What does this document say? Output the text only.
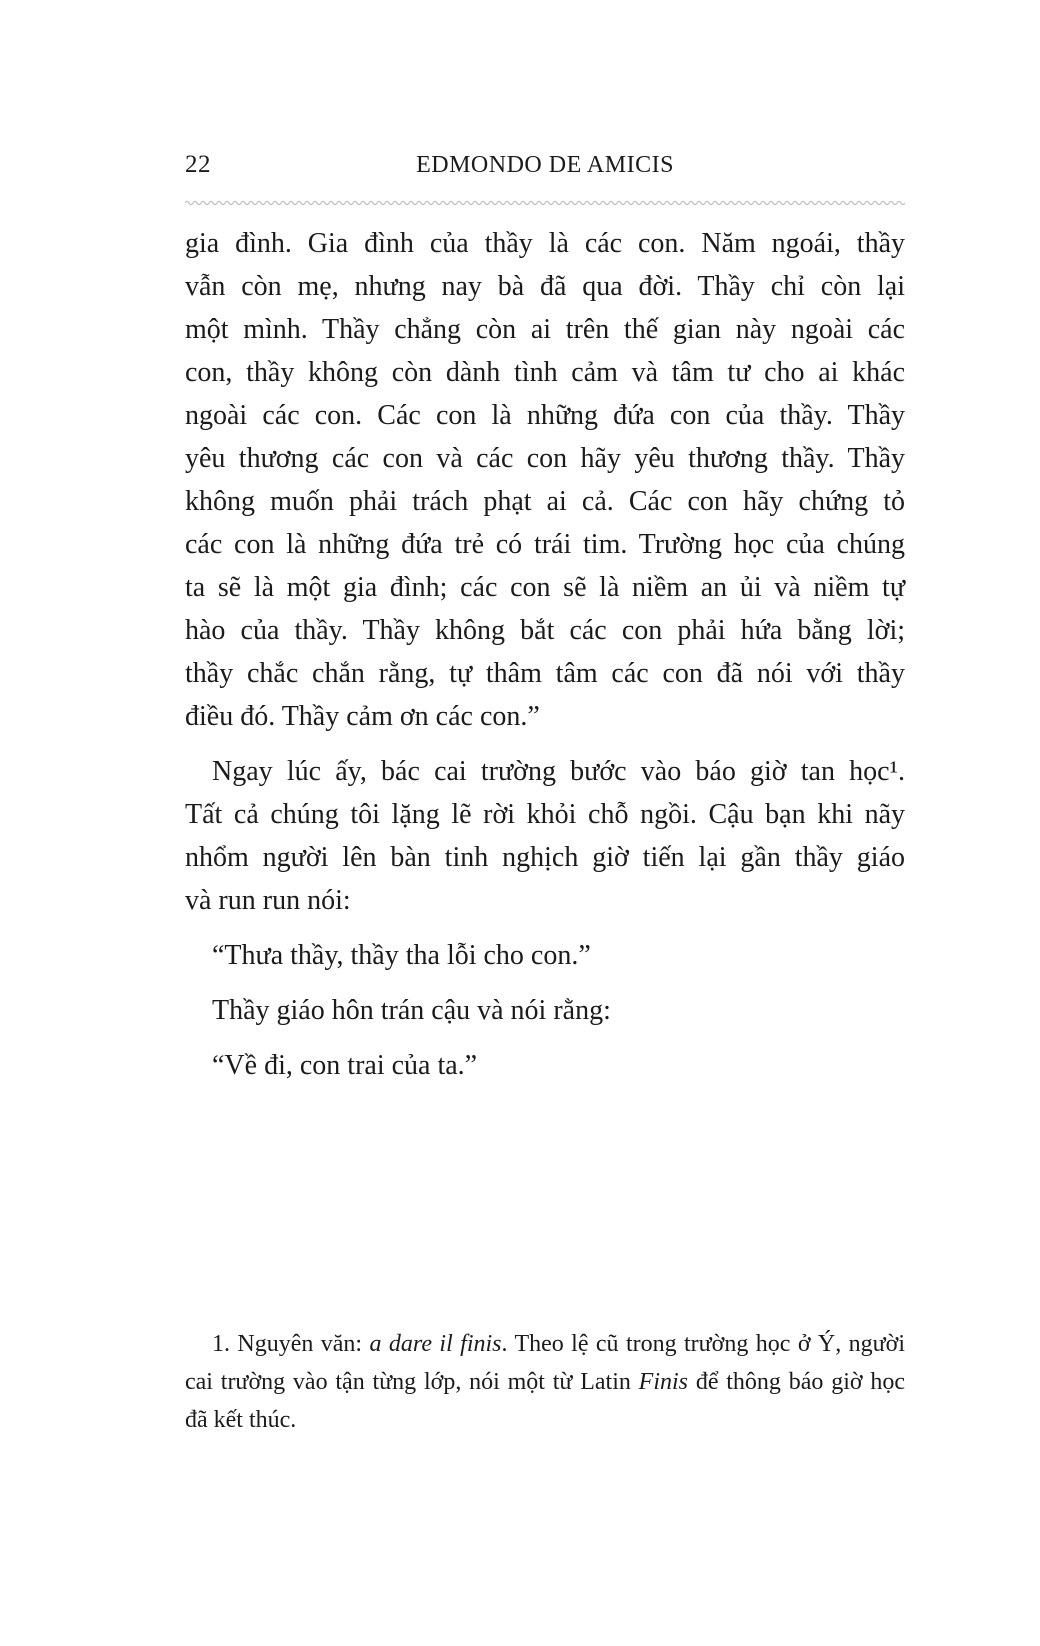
22	EDMONDO DE AMICIS
gia đình. Gia đình của thầy là các con. Năm ngoái, thầy
vẫn còn mẹ, nhưng nay bà đã qua đời. Thầy chỉ còn lại
một mình. Thầy chẳng còn ai trên thế gian này ngoài các
con, thầy không còn dành tình cảm và tâm tư cho ai khác
ngoài các con. Các con là những đứa con của thầy. Thầy
yêu thương các con và các con hãy yêu thương thầy. Thầy
không muốn phải trách phạt ai cả. Các con hãy chứng tỏ
các con là những đứa trẻ có trái tim. Trường học của chúng
ta sẽ là một gia đình; các con sẽ là niềm an ủi và niềm tự
hào của thầy. Thầy không bắt các con phải hứa bằng lời;
thầy chắc chắn rằng, tự thâm tâm các con đã nói với thầy
điều đó. Thầy cảm ơn các con.”
Ngay lúc ấy, bác cai trường bước vào báo giờ tan học¹.
Tất cả chúng tôi lặng lẽ rời khỏi chỗ ngồi. Cậu bạn khi nãy
nhổm người lên bàn tinh nghịch giờ tiến lại gần thầy giáo
và run run nói:
“Thưa thầy, thầy tha lỗi cho con.”
Thầy giáo hôn trán cậu và nói rằng:
“Về đi, con trai của ta.”
1. Nguyên văn: a dare il finis. Theo lệ cũ trong trường học ở Ý, người
cai trường vào tận từng lớp, nói một từ Latin Finis để thông báo giờ học
đã kết thúc.
